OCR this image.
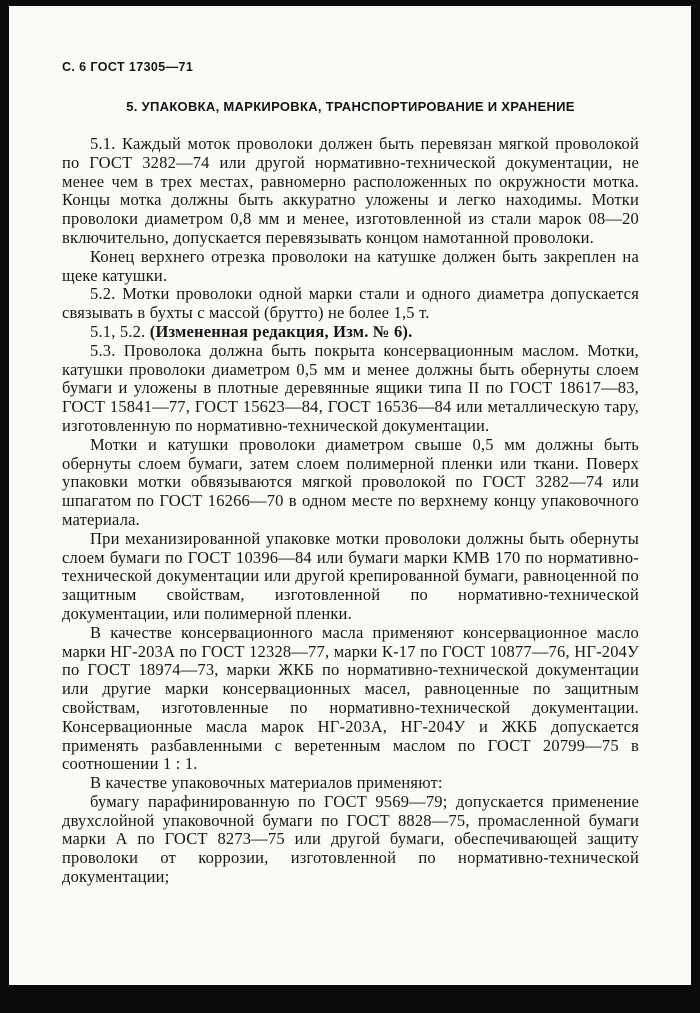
С. 6 ГОСТ 17305—71
5. УПАКОВКА, МАРКИРОВКА, ТРАНСПОРТИРОВАНИЕ И ХРАНЕНИЕ

5.1. Каждый моток проволоки должен быть перевязан мягкой проволокой по ГОСТ 3282—74 или другой нормативно-технической документации, не менее чем в трех местах, равномерно расположенных по окружности мотка. Концы мотка должны быть аккуратно уложены и легко находимы. Мотки проволоки диаметром 0,8 мм и менее, изготовленной из стали марок 08—20 включительно, допускается перевязывать концом намотанной проволоки.

Конец верхнего отрезка проволоки на катушке должен быть закреплен на щеке катушки.

5.2. Мотки проволоки одной марки стали и одного диаметра допускается связывать в бухты с массой (брутто) не более 1,5 т.

5.1, 5.2. (Измененная редакция, Изм. № 6).

5.3. Проволока должна быть покрыта консервационным маслом. Мотки, катушки проволоки диаметром 0,5 мм и менее должны быть обернуты слоем бумаги и уложены в плотные деревянные ящики типа II по ГОСТ 18617—83, ГОСТ 15841—77, ГОСТ 15623—84, ГОСТ 16536—84 или металлическую тару, изготовленную по нормативно-технической документации.

Мотки и катушки проволоки диаметром свыше 0,5 мм должны быть обернуты слоем бумаги, затем слоем полимерной пленки или ткани. Поверх упаковки мотки обвязываются мягкой проволокой по ГОСТ 3282—74 или шпагатом по ГОСТ 16266—70 в одном месте по верхнему концу упаковочного материала.

При механизированной упаковке мотки проволоки должны быть обернуты слоем бумаги по ГОСТ 10396—84 или бумаги марки КМВ 170 по нормативно-технической документации или другой крепированной бумаги, равноценной по защитным свойствам, изготовленной по нормативно-технической документации, или полимерной пленки.

В качестве консервационного масла применяют консервационное масло марки НГ-203А по ГОСТ 12328—77, марки К-17 по ГОСТ 10877—76, НГ-204У по ГОСТ 18974—73, марки ЖКБ по нормативно-технической документации или другие марки консервационных масел, равноценные по защитным свойствам, изготовленные по нормативно-технической документации. Консервационные масла марок НГ-203А, НГ-204У и ЖКБ допускается применять разбавленными с веретенным маслом по ГОСТ 20799—75 в соотношении 1 : 1.

В качестве упаковочных материалов применяют:

бумагу парафинированную по ГОСТ 9569—79; допускается применение двухслойной упаковочной бумаги по ГОСТ 8828—75, промасленной бумаги марки А по ГОСТ 8273—75 или другой бумаги, обеспечивающей защиту проволоки от коррозии, изготовленной по нормативно-технической документации;
